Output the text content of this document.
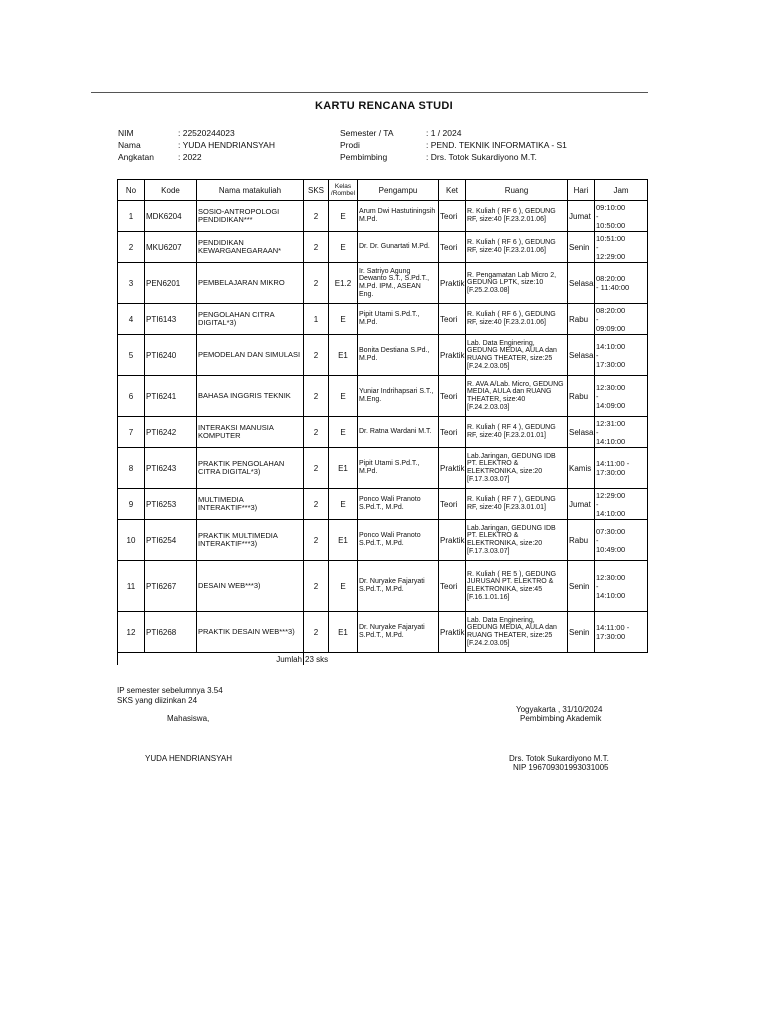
KARTU RENCANA STUDI
NIM	: 22520244023
Nama	: YUDA HENDRIANSYAH
Angkatan	: 2022
Semester / TA	: 1 / 2024
Prodi	: PEND. TEKNIK INFORMATIKA - S1
Pembimbing	: Drs. Totok Sukardiyono M.T.
No	Kode	Nama matakuliah	SKS	Kelas /Rombel	Pengampu	Ket	Ruang	Hari	Jam
1	MDK6204	SOSIO-ANTROPOLOGI PENDIDIKAN***	2	E	Arum Dwi Hastutiningsih M.Pd.	Teori	R. Kuliah ( RF 6 ), GEDUNG RF, size:40 [F.23.2.01.06]	Jumat	09:10:00
-
10:50:00

2	MKU6207	PENDIDIKAN KEWARGANEGARAAN*	2	E	Dr. Dr. Gunartati M.Pd.	Teori	R. Kuliah ( RF 6 ), GEDUNG RF, size:40 [F.23.2.01.06]	Senin	10:51:00
-
12:29:00

3	PEN6201	PEMBELAJARAN MIKRO	2	E1.2	Ir. Satriyo Agung Dewanto S.T., S.Pd.T., M.Pd. IPM., ASEAN Eng.	Praktik	R. Pengamatan Lab Micro 2, GEDUNG LPTK, size:10 [F.25.2.03.08]	Selasa	08:20:00
- 11:40:00

4	PTI6143	PENGOLAHAN CITRA DIGITAL*3)	1	E	Pipit Utami S.Pd.T., M.Pd.	Teori	R. Kuliah ( RF 6 ), GEDUNG RF, size:40 [F.23.2.01.06]	Rabu	08:20:00
-
09:09:00

5	PTI6240	PEMODELAN DAN SIMULASI	2	E1	Bonita Destiana S.Pd., M.Pd.	Praktik	Lab. Data Enginering, GEDUNG MEDIA, AULA dan RUANG THEATER, size:25 [F.24.2.03.05]	Selasa	14:10:00
-
17:30:00

6	PTI6241	BAHASA INGGRIS TEKNIK	2	E	Yuniar Indrihapsari S.T., M.Eng.	Teori	R. AVA A/Lab. Micro, GEDUNG MEDIA, AULA dan RUANG THEATER, size:40 [F.24.2.03.03]	Rabu	12:30:00
-
14:09:00

7	PTI6242	INTERAKSI MANUSIA KOMPUTER	2	E	Dr. Ratna Wardani M.T.	Teori	R. Kuliah ( RF 4 ), GEDUNG RF, size:40 [F.23.2.01.01]	Selasa	12:31:00
-
14:10:00

8	PTI6243	PRAKTIK PENGOLAHAN CITRA DIGITAL*3)	2	E1	Pipit Utami S.Pd.T., M.Pd.	Praktik	Lab.Jaringan, GEDUNG IDB PT. ELEKTRO & ELEKTRONIKA, size:20 [F.17.3.03.07]	Kamis	14:11:00 -
17:30:00

9	PTI6253	MULTIMEDIA INTERAKTIF***3)	2	E	Ponco Wali Pranoto S.Pd.T., M.Pd.	Teori	R. Kuliah ( RF 7 ), GEDUNG RF, size:40 [F.23.3.01.01]	Jumat	12:29:00
-
14:10:00

10	PTI6254	PRAKTIK MULTIMEDIA INTERAKTIF***3)	2	E1	Ponco Wali Pranoto S.Pd.T., M.Pd.	Praktik	Lab.Jaringan, GEDUNG IDB PT. ELEKTRO & ELEKTRONIKA, size:20 [F.17.3.03.07]	Rabu	07:30:00
-
10:49:00

11	PTI6267	DESAIN WEB***3)	2	E	Dr. Nuryake Fajaryati S.Pd.T., M.Pd.	Teori	R. Kuliah ( RE 5 ), GEDUNG JURUSAN PT. ELEKTRO & ELEKTRONIKA, size:45 [F.16.1.01.16]	Senin	12:30:00
-
14:10:00

12	PTI6268	PRAKTIK DESAIN WEB***3)	2	E1	Dr. Nuryake Fajaryati S.Pd.T., M.Pd.	Praktik	Lab. Data Enginering, GEDUNG MEDIA, AULA dan RUANG THEATER, size:25 [F.24.2.03.05]	Senin	14:11:00 -
17:30:00

Jumlah			23 sks						
IP semester sebelumnya 3.54
SKS yang diizinkan 24
Mahasiswa,
YUDA HENDRIANSYAH
Yogyakarta , 31/10/2024
Pembimbing Akademik
Drs. Totok Sukardiyono M.T.
NIP 196709301993031005
